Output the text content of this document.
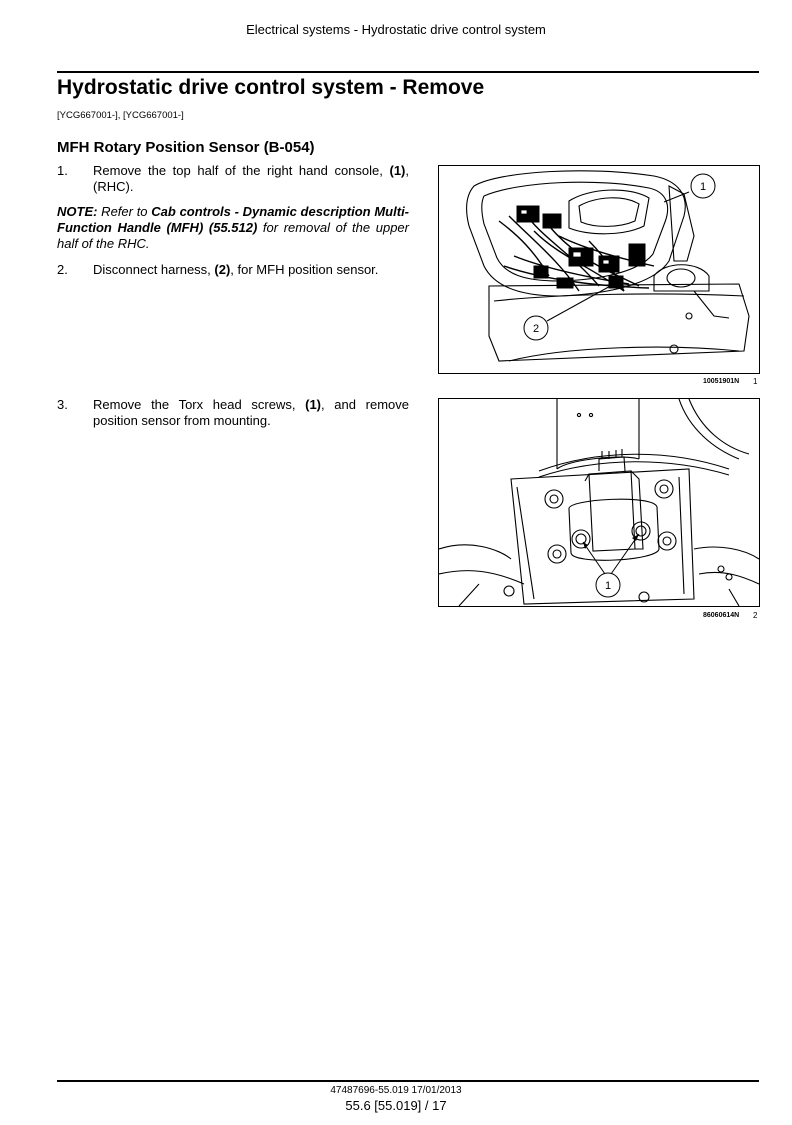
Electrical systems - Hydrostatic drive control system
Hydrostatic drive control system - Remove
[YCG667001-], [YCG667001-]
MFH Rotary Position Sensor (B-054)
1. Remove the top half of the right hand console, (1), (RHC).
NOTE: Refer to Cab controls - Dynamic description Multi-Function Handle (MFH) (55.512) for removal of the upper half of the RHC.
2. Disconnect harness, (2), for MFH position sensor.
3. Remove the Torx head screws, (1), and remove position sensor from mounting.
1
2
10051901N 1
1
86060614N 2
47487696-55.019 17/01/2013
55.6 [55.019] / 17
